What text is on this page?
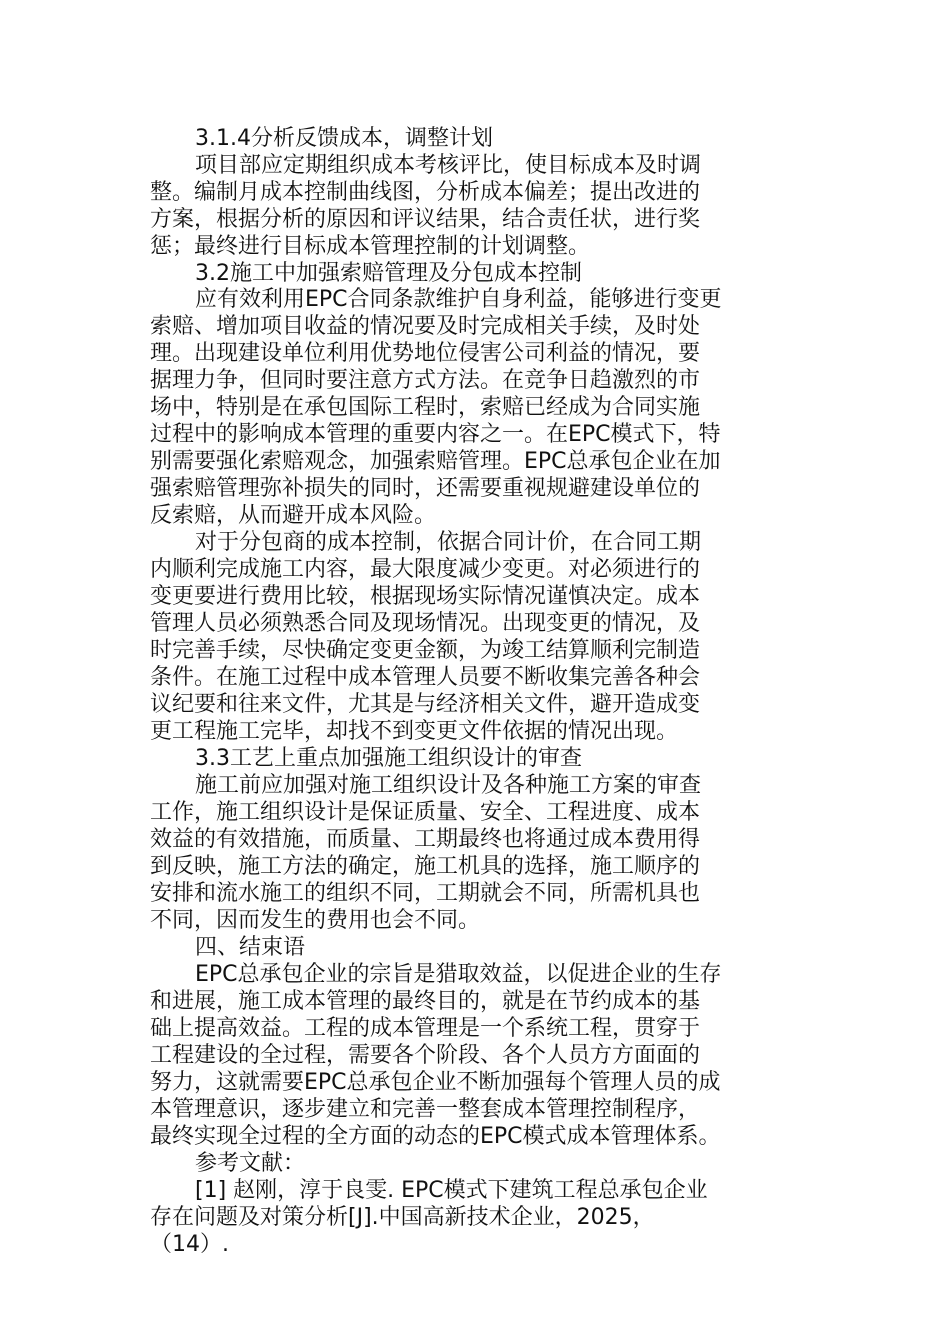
3.1.4分析反馈成本，调整计划
项目部应定期组织成本考核评比，使目标成本及时调
整。编制月成本控制曲线图，分析成本偏差；提出改进的
方案，根据分析的原因和评议结果，结合责任状，进行奖
惩；最终进行目标成本管理控制的计划调整。
3.2施工中加强索赔管理及分包成本控制
应有效利用EPC合同条款维护自身利益，能够进行变更
索赔、增加项目收益的情况要及时完成相关手续，及时处
理。出现建设单位利用优势地位侵害公司利益的情况，要
据理力争，但同时要注意方式方法。在竞争日趋激烈的市
场中，特别是在承包国际工程时，索赔已经成为合同实施
过程中的影响成本管理的重要内容之一。在EPC模式下，特
别需要强化索赔观念，加强索赔管理。EPC总承包企业在加
强索赔管理弥补损失的同时，还需要重视规避建设单位的
反索赔，从而避开成本风险。
对于分包商的成本控制，依据合同计价，在合同工期
内顺利完成施工内容，最大限度减少变更。对必须进行的
变更要进行费用比较，根据现场实际情况谨慎决定。成本
管理人员必须熟悉合同及现场情况。出现变更的情况，及
时完善手续，尽快确定变更金额，为竣工结算顺利完制造
条件。在施工过程中成本管理人员要不断收集完善各种会
议纪要和往来文件，尤其是与经济相关文件，避开造成变
更工程施工完毕，却找不到变更文件依据的情况出现。
3.3工艺上重点加强施工组织设计的审查
施工前应加强对施工组织设计及各种施工方案的审查
工作，施工组织设计是保证质量、安全、工程进度、成本
效益的有效措施，而质量、工期最终也将通过成本费用得
到反映，施工方法的确定，施工机具的选择，施工顺序的
安排和流水施工的组织不同，工期就会不同，所需机具也
不同，因而发生的费用也会不同。
四、结束语
EPC总承包企业的宗旨是猎取效益，以促进企业的生存
和进展，施工成本管理的最终目的，就是在节约成本的基
础上提高效益。工程的成本管理是一个系统工程，贯穿于
工程建设的全过程，需要各个阶段、各个人员方方面面的
努力，这就需要EPC总承包企业不断加强每个管理人员的成
本管理意识，逐步建立和完善一整套成本管理控制程序，
最终实现全过程的全方面的动态的EPC模式成本管理体系。
参考文献：
[1] 赵刚，淳于良雯. EPC模式下建筑工程总承包企业
存在问题及对策分析[J].中国高新技术企业，2025，
（14）.
